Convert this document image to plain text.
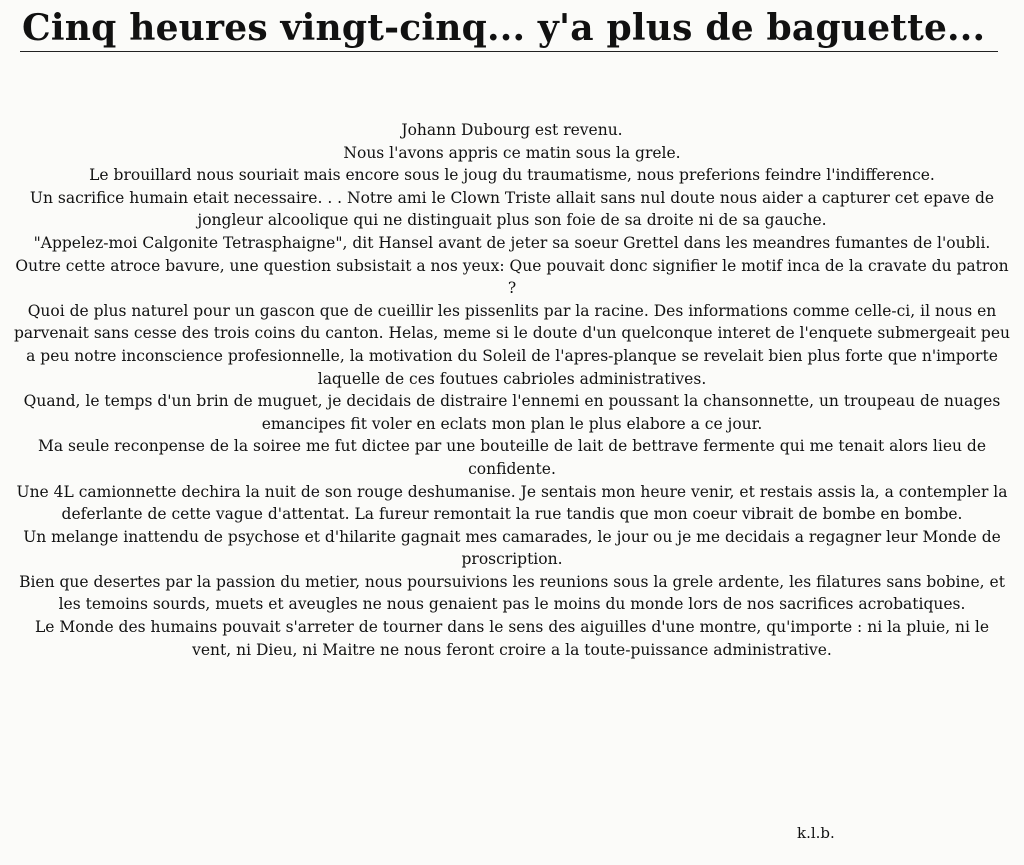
Cinq heures vingt-cinq... y'a plus de baguette...

Johann Dubourg est revenu.

Nous l'avons appris ce matin sous la grele.

Le brouillard nous souriait mais encore sous le joug du traumatisme, nous preferions feindre l'indifference.

Un sacrifice humain etait necessaire. . . Notre ami le Clown Triste allait sans nul doute nous aider a capturer cet epave de jongleur alcoolique qui ne distinguait plus son foie de sa droite ni de sa gauche.

"Appelez-moi Calgonite Tetrasphaigne", dit Hansel avant de jeter sa soeur Grettel dans les meandres fumantes de l'oubli. Outre cette atroce bavure, une question subsistait a nos yeux: Que pouvait donc signifier le motif inca de la cravate du patron ?

Quoi de plus naturel pour un gascon que de cueillir les pissenlits par la racine. Des informations comme celle-ci, il nous en parvenait sans cesse des trois coins du canton. Helas, meme si le doute d'un quelconque interet de l'enquete submergeait peu a peu notre inconscience profesionnelle, la motivation du Soleil de l'apres-planque se revelait bien plus forte que n'importe laquelle de ces foutues cabrioles administratives.

Quand, le temps d'un brin de muguet, je decidais de distraire l'ennemi en poussant la chansonnette, un troupeau de nuages emancipes fit voler en eclats mon plan le plus elabore a ce jour.

Ma seule reconpense de la soiree me fut dictee par une bouteille de lait de bettrave fermente qui me tenait alors lieu de confidente.

Une 4L camionnette dechira la nuit de son rouge deshumanise. Je sentais mon heure venir, et restais assis la, a contempler la deferlante de cette vague d'attentat. La fureur remontait la rue tandis que mon coeur vibrait de bombe en bombe.

Un melange inattendu de psychose et d'hilarite gagnait mes camarades, le jour ou je me decidais a regagner leur Monde de proscription.

Bien que desertes par la passion du metier, nous poursuivions les reunions sous la grele ardente, les filatures sans bobine, et les temoins sourds, muets et aveugles ne nous genaient pas le moins du monde lors de nos sacrifices acrobatiques.

Le Monde des humains pouvait s'arreter de tourner dans le sens des aiguilles d'une montre, qu'importe : ni la pluie, ni le vent, ni Dieu, ni Maitre ne nous feront croire a la toute-puissance administrative.

k.l.b.
